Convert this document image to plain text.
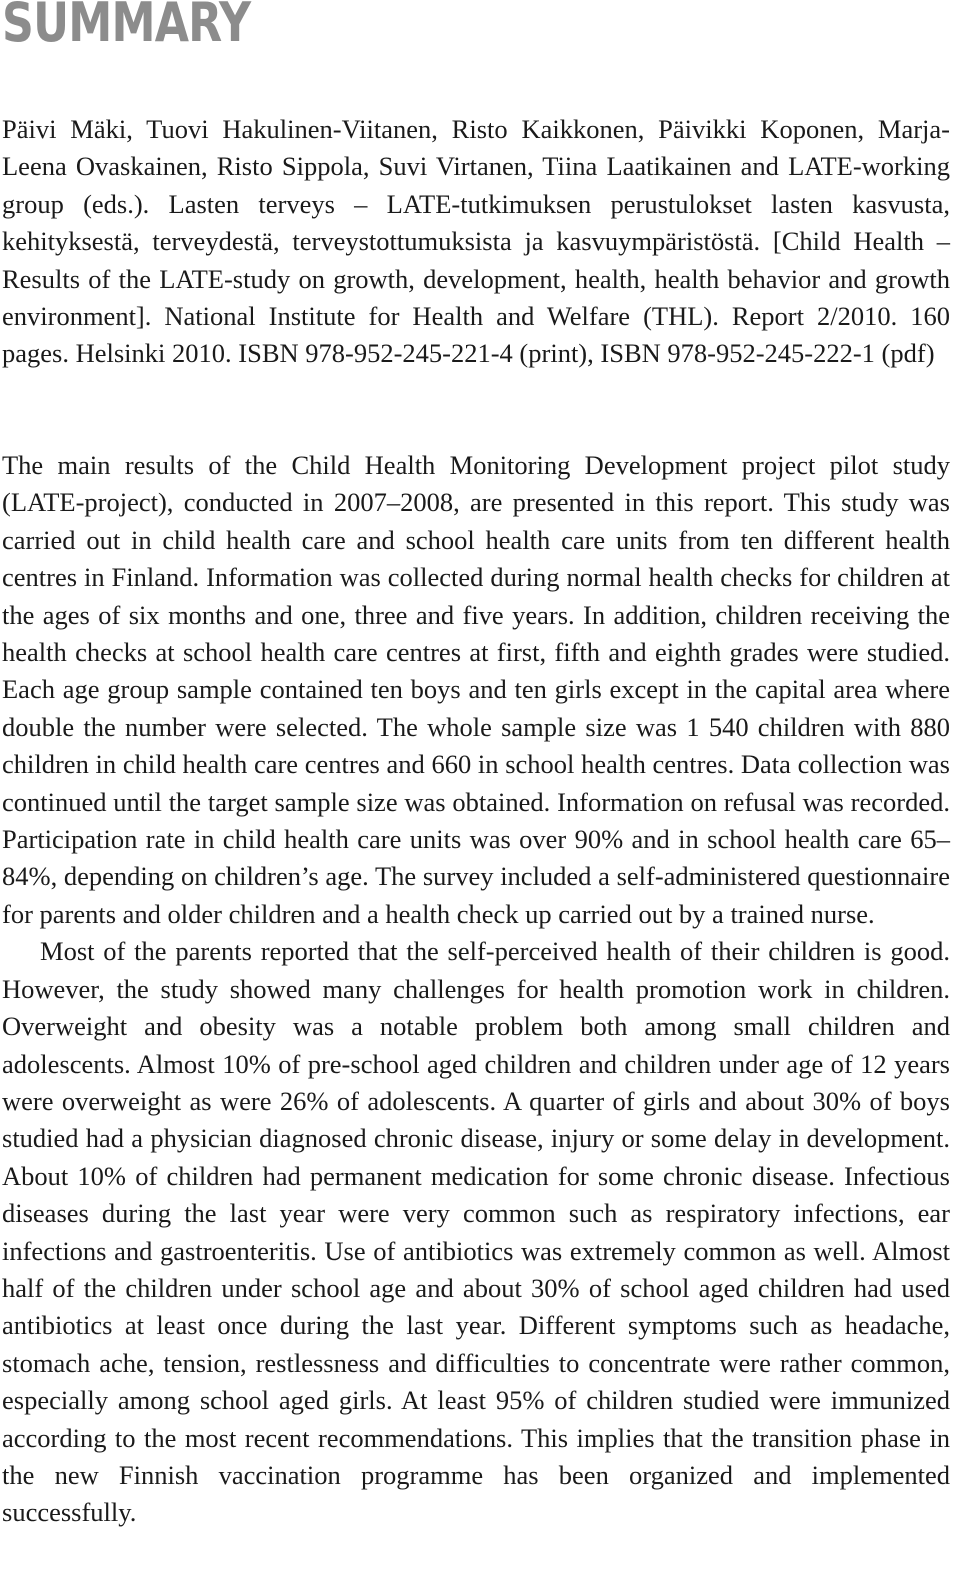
SUMMARY

Päivi Mäki, Tuovi Hakulinen-Viitanen, Risto Kaikkonen, Päivikki Koponen, Marja-Leena Ovaskainen, Risto Sippola, Suvi Virtanen, Tiina Laatikainen and LATE-working group (eds.). Lasten terveys – LATE-tutkimuksen perustulokset lasten kasvusta, kehityksestä, terveydestä, terveystottumuksista ja kasvuympäristöstä. [Child Health – Results of the LATE-study on growth, development, health, health behavior and growth environment]. National Institute for Health and Welfare (THL). Report 2/2010. 160 pages. Helsinki 2010. ISBN 978-952-245-221-4 (print), ISBN 978-952-245-222-1 (pdf)

The main results of the Child Health Monitoring Development project pilot study (LATE-project), conducted in 2007–2008, are presented in this report. This study was carried out in child health care and school health care units from ten different health centres in Finland. Information was collected during normal health checks for children at the ages of six months and one, three and five years. In addition, children receiving the health checks at school health care centres at first, fifth and eighth grades were studied. Each age group sample contained ten boys and ten girls except in the capital area where double the number were selected. The whole sample size was 1 540 children with 880 children in child health care centres and 660 in school health centres. Data collection was continued until the target sample size was obtained. Information on refusal was recorded. Participation rate in child health care units was over 90% and in school health care 65–84%, depending on children’s age. The survey included a self-administered questionnaire for parents and older children and a health check up carried out by a trained nurse.

Most of the parents reported that the self-perceived health of their children is good. However, the study showed many challenges for health promotion work in children. Overweight and obesity was a notable problem both among small children and adolescents. Almost 10% of pre-school aged children and children under age of 12 years were overweight as were 26% of adolescents. A quarter of girls and about 30% of boys studied had a physician diagnosed chronic disease, injury or some delay in development. About 10% of children had permanent medication for some chronic disease. Infectious diseases during the last year were very common such as respiratory infections, ear infections and gastroenteritis. Use of antibiotics was extremely common as well. Almost half of the children under school age and about 30% of school aged children had used antibiotics at least once during the last year. Different symptoms such as headache, stomach ache, tension, restlessness and difficulties to concentrate were rather common, especially among school aged girls. At least 95% of children studied were immunized according to the most recent recommendations. This implies that the transition phase in the new Finnish vaccination programme has been organized and implemented successfully.
